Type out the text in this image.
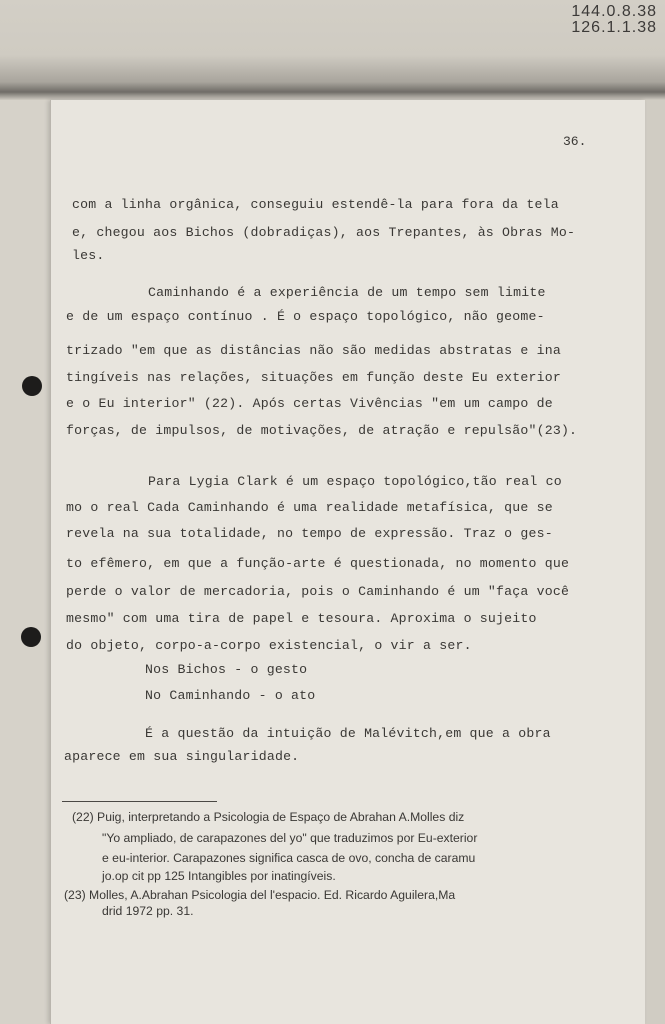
144.0.8.38
126.1.1.38
36.
com a linha orgânica, conseguiu estendê-la para fora da tela
e, chegou aos Bichos (dobradiças), aos Trepantes, às Obras Mo-
les.
Caminhando é a experiência de um tempo sem limite
e de um espaço contínuo . É o espaço topológico, não geome-
trizado "em que as distâncias não são medidas abstratas e ina
tingíveis nas relações, situações em função deste Eu exterior
e o Eu interior" (22). Após certas Vivências "em um campo de
forças, de impulsos, de motivações, de atração e repulsão"(23).
Para Lygia Clark é um espaço topológico,tão real co
mo o real Cada Caminhando é uma realidade metafísica, que se
revela na sua totalidade, no tempo de expressão. Traz o ges-
to efêmero, em que a função-arte é questionada, no momento que
perde o valor de mercadoria, pois o Caminhando é um "faça você
mesmo" com uma tira de papel e tesoura. Aproxima o sujeito
do objeto, corpo-a-corpo existencial, o vir a ser.
Nos Bichos - o gesto
No Caminhando - o ato
É a questão da intuição de Malévitch,em que a obra
aparece em sua singularidade.
(22) Puig, interpretando a Psicologia de Espaço de Abrahan A.Molles diz
"Yo ampliado, de carapazones del yo" que traduzimos por Eu-exterior
e eu-interior. Carapazones significa casca de ovo, concha de caramu
jo.op cit pp 125 Intangibles por inatingíveis.
(23) Molles, A.Abrahan Psicologia del l'espacio. Ed. Ricardo Aguilera,Ma
drid 1972 pp. 31.
